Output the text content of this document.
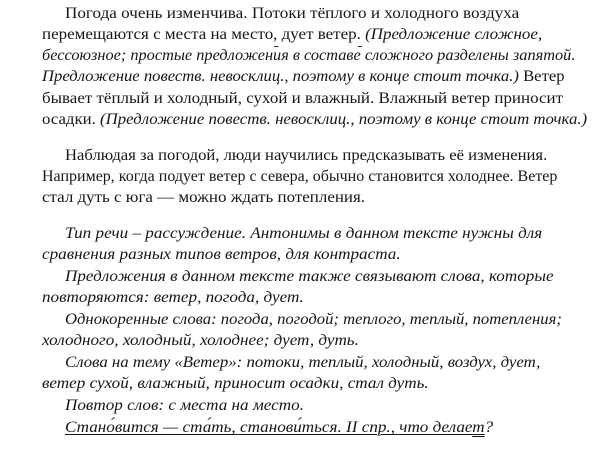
Погода очень изменчива. Потоки тёплого и холодного воздуха
перемещаются с места на место, дует ветер. (Предложение сложное,
бессоюзное; простые предложения в составе сложного разделены запятой.
Предложение повеств. невосклиц., поэтому в конце стоит точка.) Ветер
бывает тёплый и холодный, сухой и влажный. Влажный ветер приносит
осадки. (Предложение повеств. невосклиц., поэтому в конце стоит точка.)
Наблюдая за погодой, люди научились предсказывать её изменения.
Например, когда подует ветер с севера, обычно становится холоднее. Ветер
стал дуть с юга — можно ждать потепления.
Тип речи – рассуждение. Антонимы в данном тексте нужны для
сравнения разных типов ветров, для контраста.
Предложения в данном тексте также связывают слова, которые
повторяются: ветер, погода, дует.
Однокоренные слова: погода, погодой; теплого, теплый, потепления;
холодного, холодный, холоднее; дует, дуть.
Слова на тему «Ветер»: потоки, теплый, холодный, воздух, дует,
ветер сухой, влажный, приносит осадки, стал дуть.
Повтор слов: с места на место.
Стано́вится — ста́ть, станови́ться. II спр., что делает?
